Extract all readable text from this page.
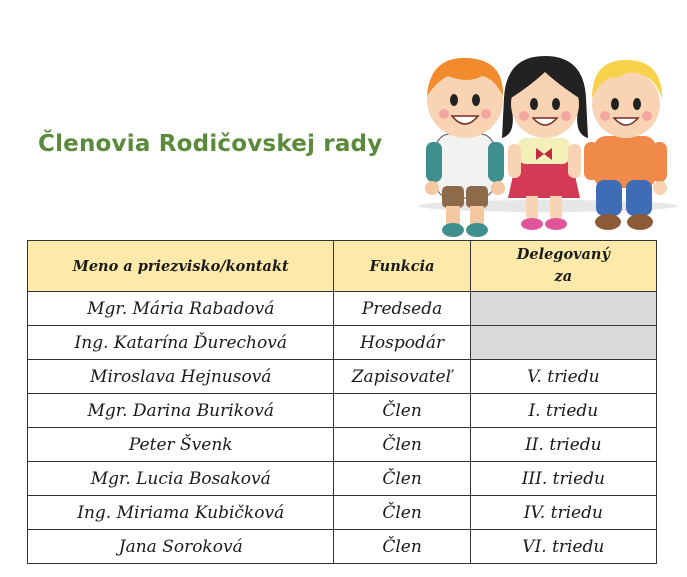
Členovia Rodičovskej rady
Meno a priezvisko/kontakt	Funkcia	Delegovaný
za
Mgr. Mária Rabadová	Predseda	
Ing. Katarína Ďurechová	Hospodár	
Miroslava Hejnusová	Zapisovateľ	V. triedu
Mgr. Darina Buriková	Člen	I. triedu
Peter Švenk	Člen	II. triedu
Mgr. Lucia Bosaková	Člen	III. triedu
Ing. Miriama Kubičková	Člen	IV. triedu
Jana Soroková	Člen	VI. triedu
